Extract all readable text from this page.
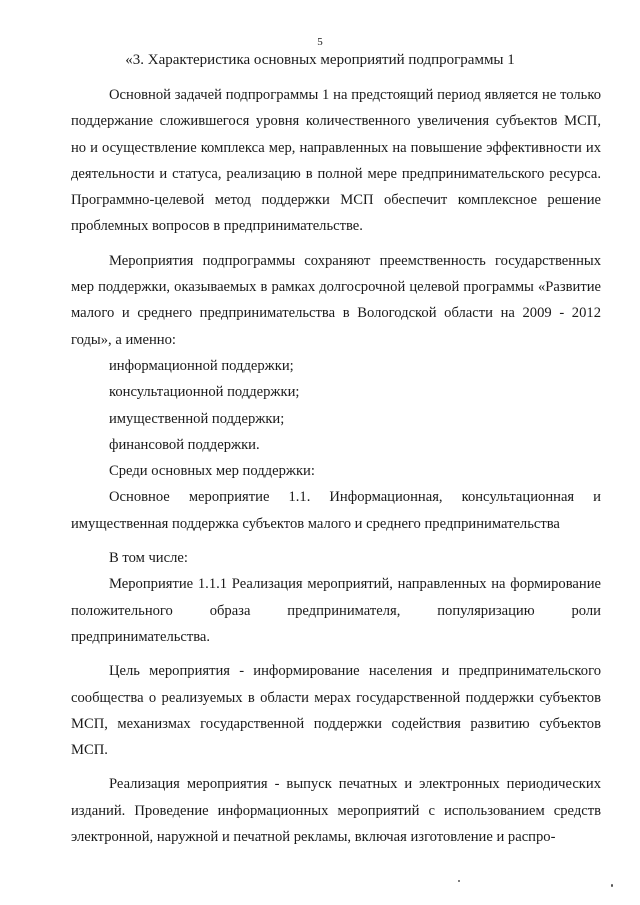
5
«3. Характеристика основных мероприятий подпрограммы 1

Основной задачей подпрограммы 1 на предстоящий период является не только поддержание сложившегося уровня количественного увеличения субъектов МСП, но и осуществление комплекса мер, направленных на повышение эффективности их деятельности и статуса, реализацию в полной мере предпринимательского ресурса. Программно-целевой метод поддержки МСП обеспечит комплексное решение проблемных вопросов в предпринимательстве.

Мероприятия подпрограммы сохраняют преемственность государственных мер поддержки, оказываемых в рамках долгосрочной целевой программы «Развитие малого и среднего предпринимательства в Вологодской области на 2009 - 2012 годы», а именно:

информационной поддержки;

консультационной поддержки;

имущественной поддержки;

финансовой поддержки.

Среди основных мер поддержки:

Основное мероприятие 1.1. Информационная, консультационная и имущественная поддержка субъектов малого и среднего предпринимательства

В том числе:

Мероприятие 1.1.1 Реализация мероприятий, направленных на формирование положительного образа предпринимателя, популяризацию роли предпринимательства.

Цель мероприятия - информирование населения и предпринимательского сообщества о реализуемых в области мерах государственной поддержки субъектов МСП, механизмах государственной поддержки содействия развитию субъектов МСП.

Реализация мероприятия - выпуск печатных и электронных периодических изданий. Проведение информационных мероприятий с использованием средств электронной, наружной и печатной рекламы, включая изготовление и распро-
